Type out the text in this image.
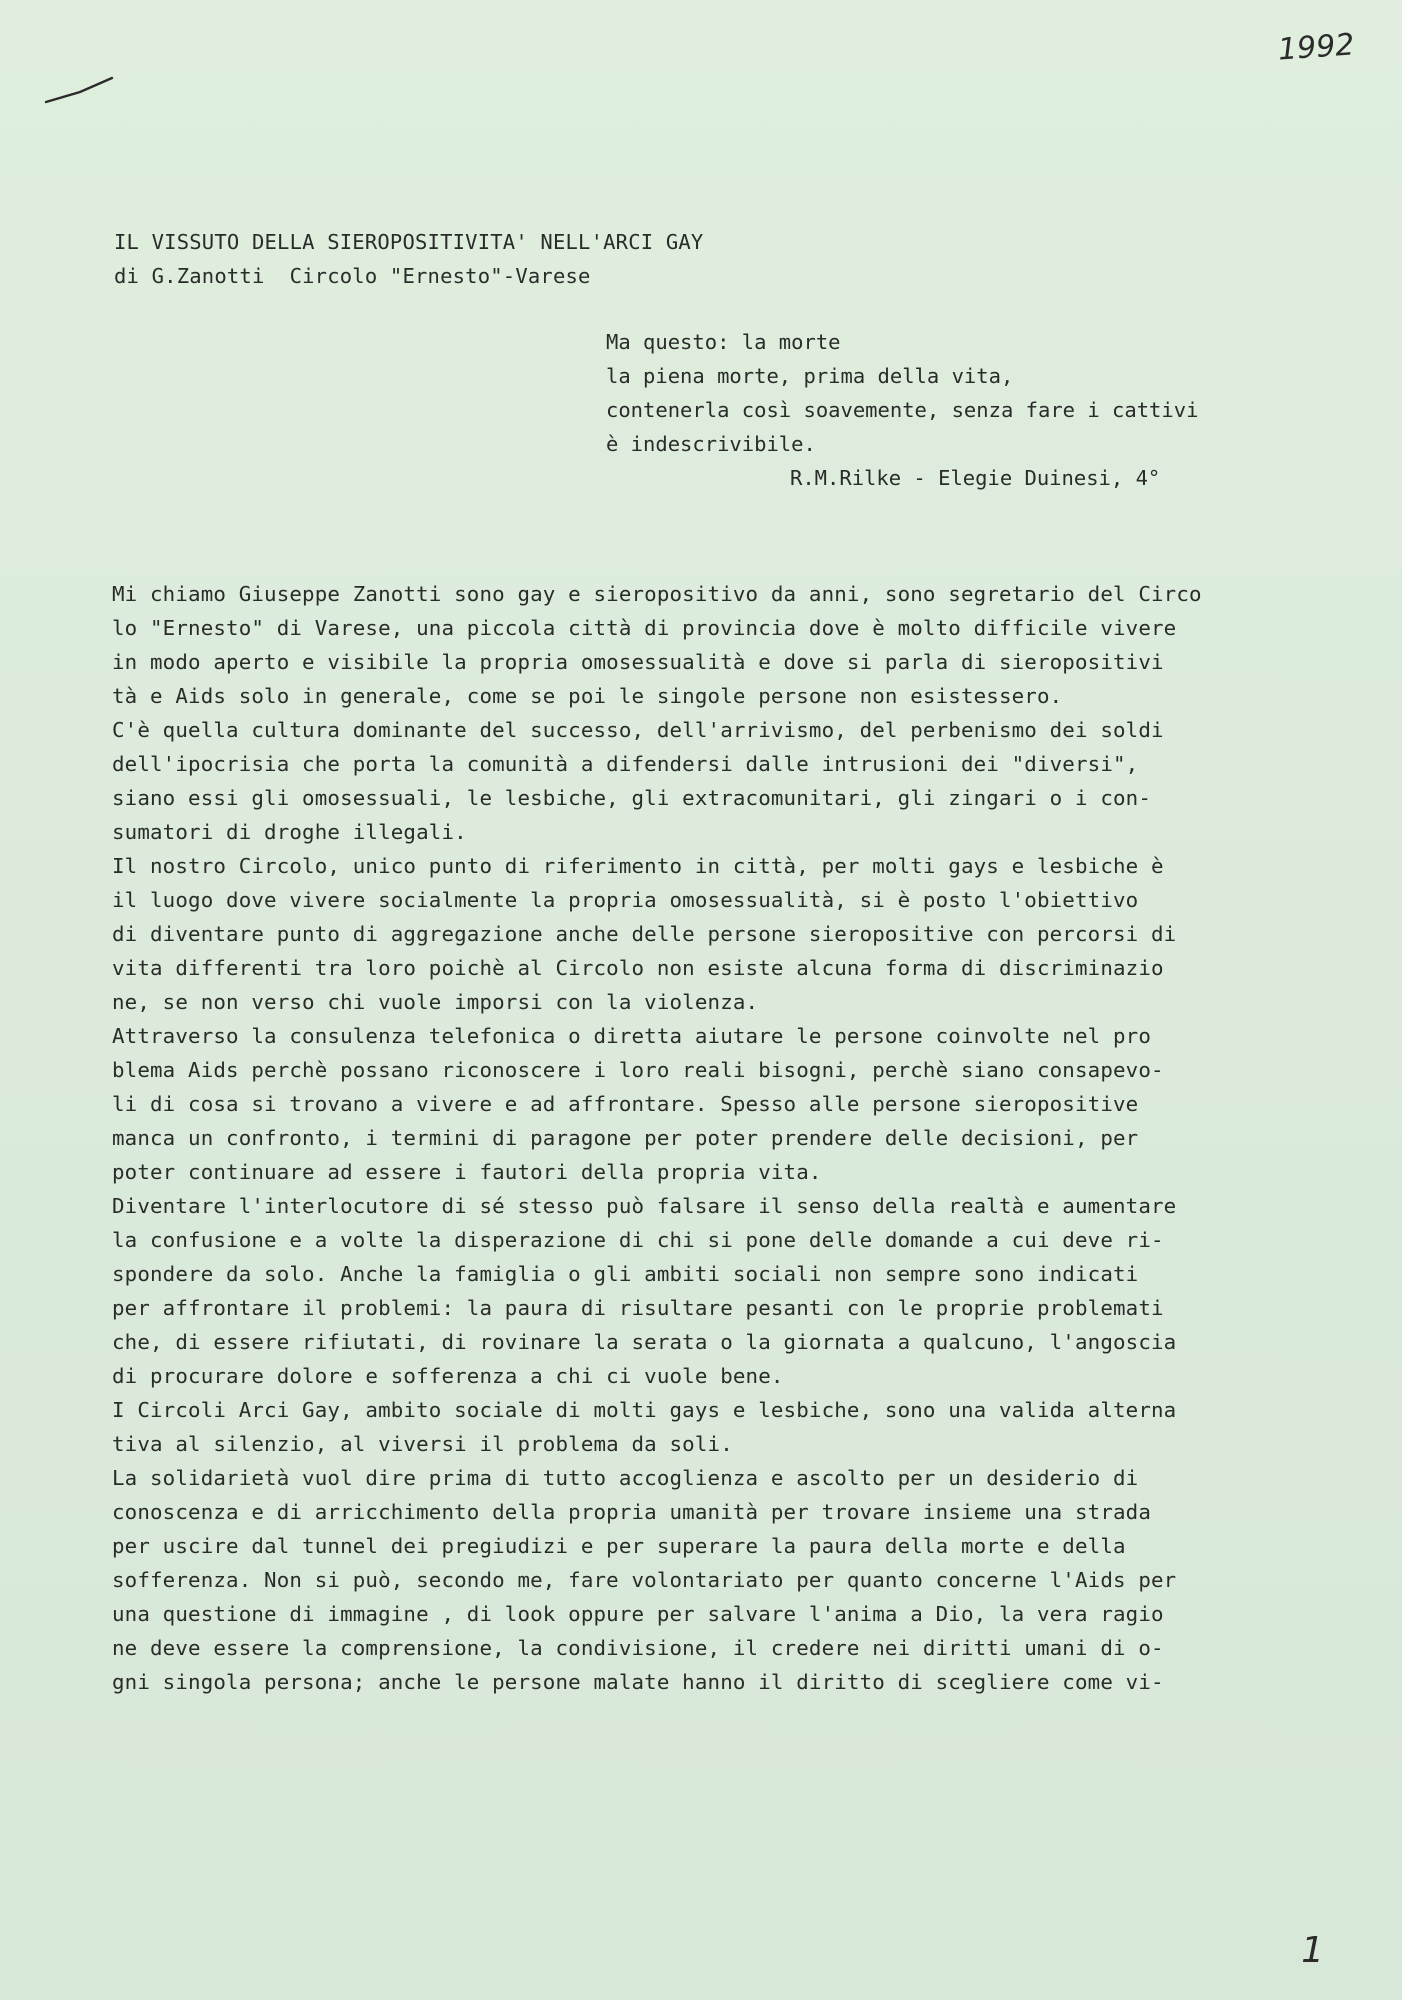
1992
IL VISSUTO DELLA SIEROPOSITIVITA' NELL'ARCI GAY
di G.Zanotti  Circolo "Ernesto"-Varese
Ma questo: la morte
la piena morte, prima della vita,
contenerla così soavemente, senza fare i cattivi
è indescrivibile.
R.M.Rilke - Elegie Duinesi, 4°
Mi chiamo Giuseppe Zanotti sono gay e sieropositivo da anni, sono segretario del Circo
lo "Ernesto" di Varese, una piccola città di provincia dove è molto difficile vivere
in modo aperto e visibile la propria omosessualità e dove si parla di sieropositivi
tà e Aids solo in generale, come se poi le singole persone non esistessero.
C'è quella cultura dominante del successo, dell'arrivismo, del perbenismo dei soldi
dell'ipocrisia che porta la comunità a difendersi dalle intrusioni dei "diversi",
siano essi gli omosessuali, le lesbiche, gli extracomunitari, gli zingari o i con-
sumatori di droghe illegali.
Il nostro Circolo, unico punto di riferimento in città, per molti gays e lesbiche è
il luogo dove vivere socialmente la propria omosessualità, si è posto l'obiettivo
di diventare punto di aggregazione anche delle persone sieropositive con percorsi di
vita differenti tra loro poichè al Circolo non esiste alcuna forma di discriminazio
ne, se non verso chi vuole imporsi con la violenza.
Attraverso la consulenza telefonica o diretta aiutare le persone coinvolte nel pro
blema Aids perchè possano riconoscere i loro reali bisogni, perchè siano consapevo-
li di cosa si trovano a vivere e ad affrontare. Spesso alle persone sieropositive
manca un confronto, i termini di paragone per poter prendere delle decisioni, per
poter continuare ad essere i fautori della propria vita.
Diventare l'interlocutore di sé stesso può falsare il senso della realtà e aumentare
la confusione e a volte la disperazione di chi si pone delle domande a cui deve ri-
spondere da solo. Anche la famiglia o gli ambiti sociali non sempre sono indicati
per affrontare il problemi: la paura di risultare pesanti con le proprie problemati
che, di essere rifiutati, di rovinare la serata o la giornata a qualcuno, l'angoscia
di procurare dolore e sofferenza a chi ci vuole bene.
I Circoli Arci Gay, ambito sociale di molti gays e lesbiche, sono una valida alterna
tiva al silenzio, al viversi il problema da soli.
La solidarietà vuol dire prima di tutto accoglienza e ascolto per un desiderio di
conoscenza e di arricchimento della propria umanità per trovare insieme una strada
per uscire dal tunnel dei pregiudizi e per superare la paura della morte e della
sofferenza. Non si può, secondo me, fare volontariato per quanto concerne l'Aids per
una questione di immagine , di look oppure per salvare l'anima a Dio, la vera ragio
ne deve essere la comprensione, la condivisione, il credere nei diritti umani di o-
gni singola persona; anche le persone malate hanno il diritto di scegliere come vi-
1
